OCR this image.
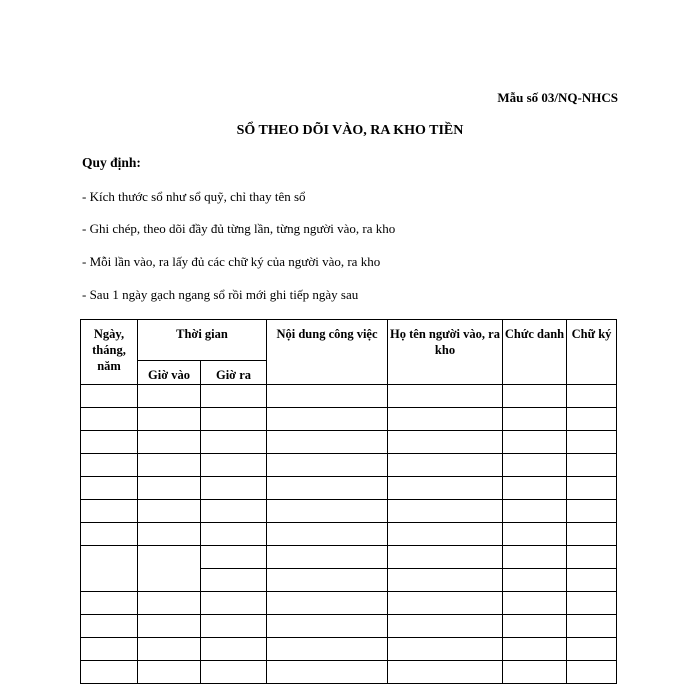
Mẫu số 03/NQ-NHCS
SỔ THEO DÕI VÀO, RA KHO TIỀN
Quy định:
- Kích thước sổ như sổ quỹ, chỉ thay tên sổ
- Ghi chép, theo dõi đầy đủ từng lần, từng người vào, ra kho
- Mỗi lần vào, ra lấy đủ các chữ ký của người vào, ra kho
- Sau 1 ngày gạch ngang sổ rồi mới ghi tiếp ngày sau
Ngày, tháng, năm	Thời gian		Nội dung công việc	Họ tên người vào, ra kho	Chức danh	Chữ ký
	Giờ vào	Giờ ra				
